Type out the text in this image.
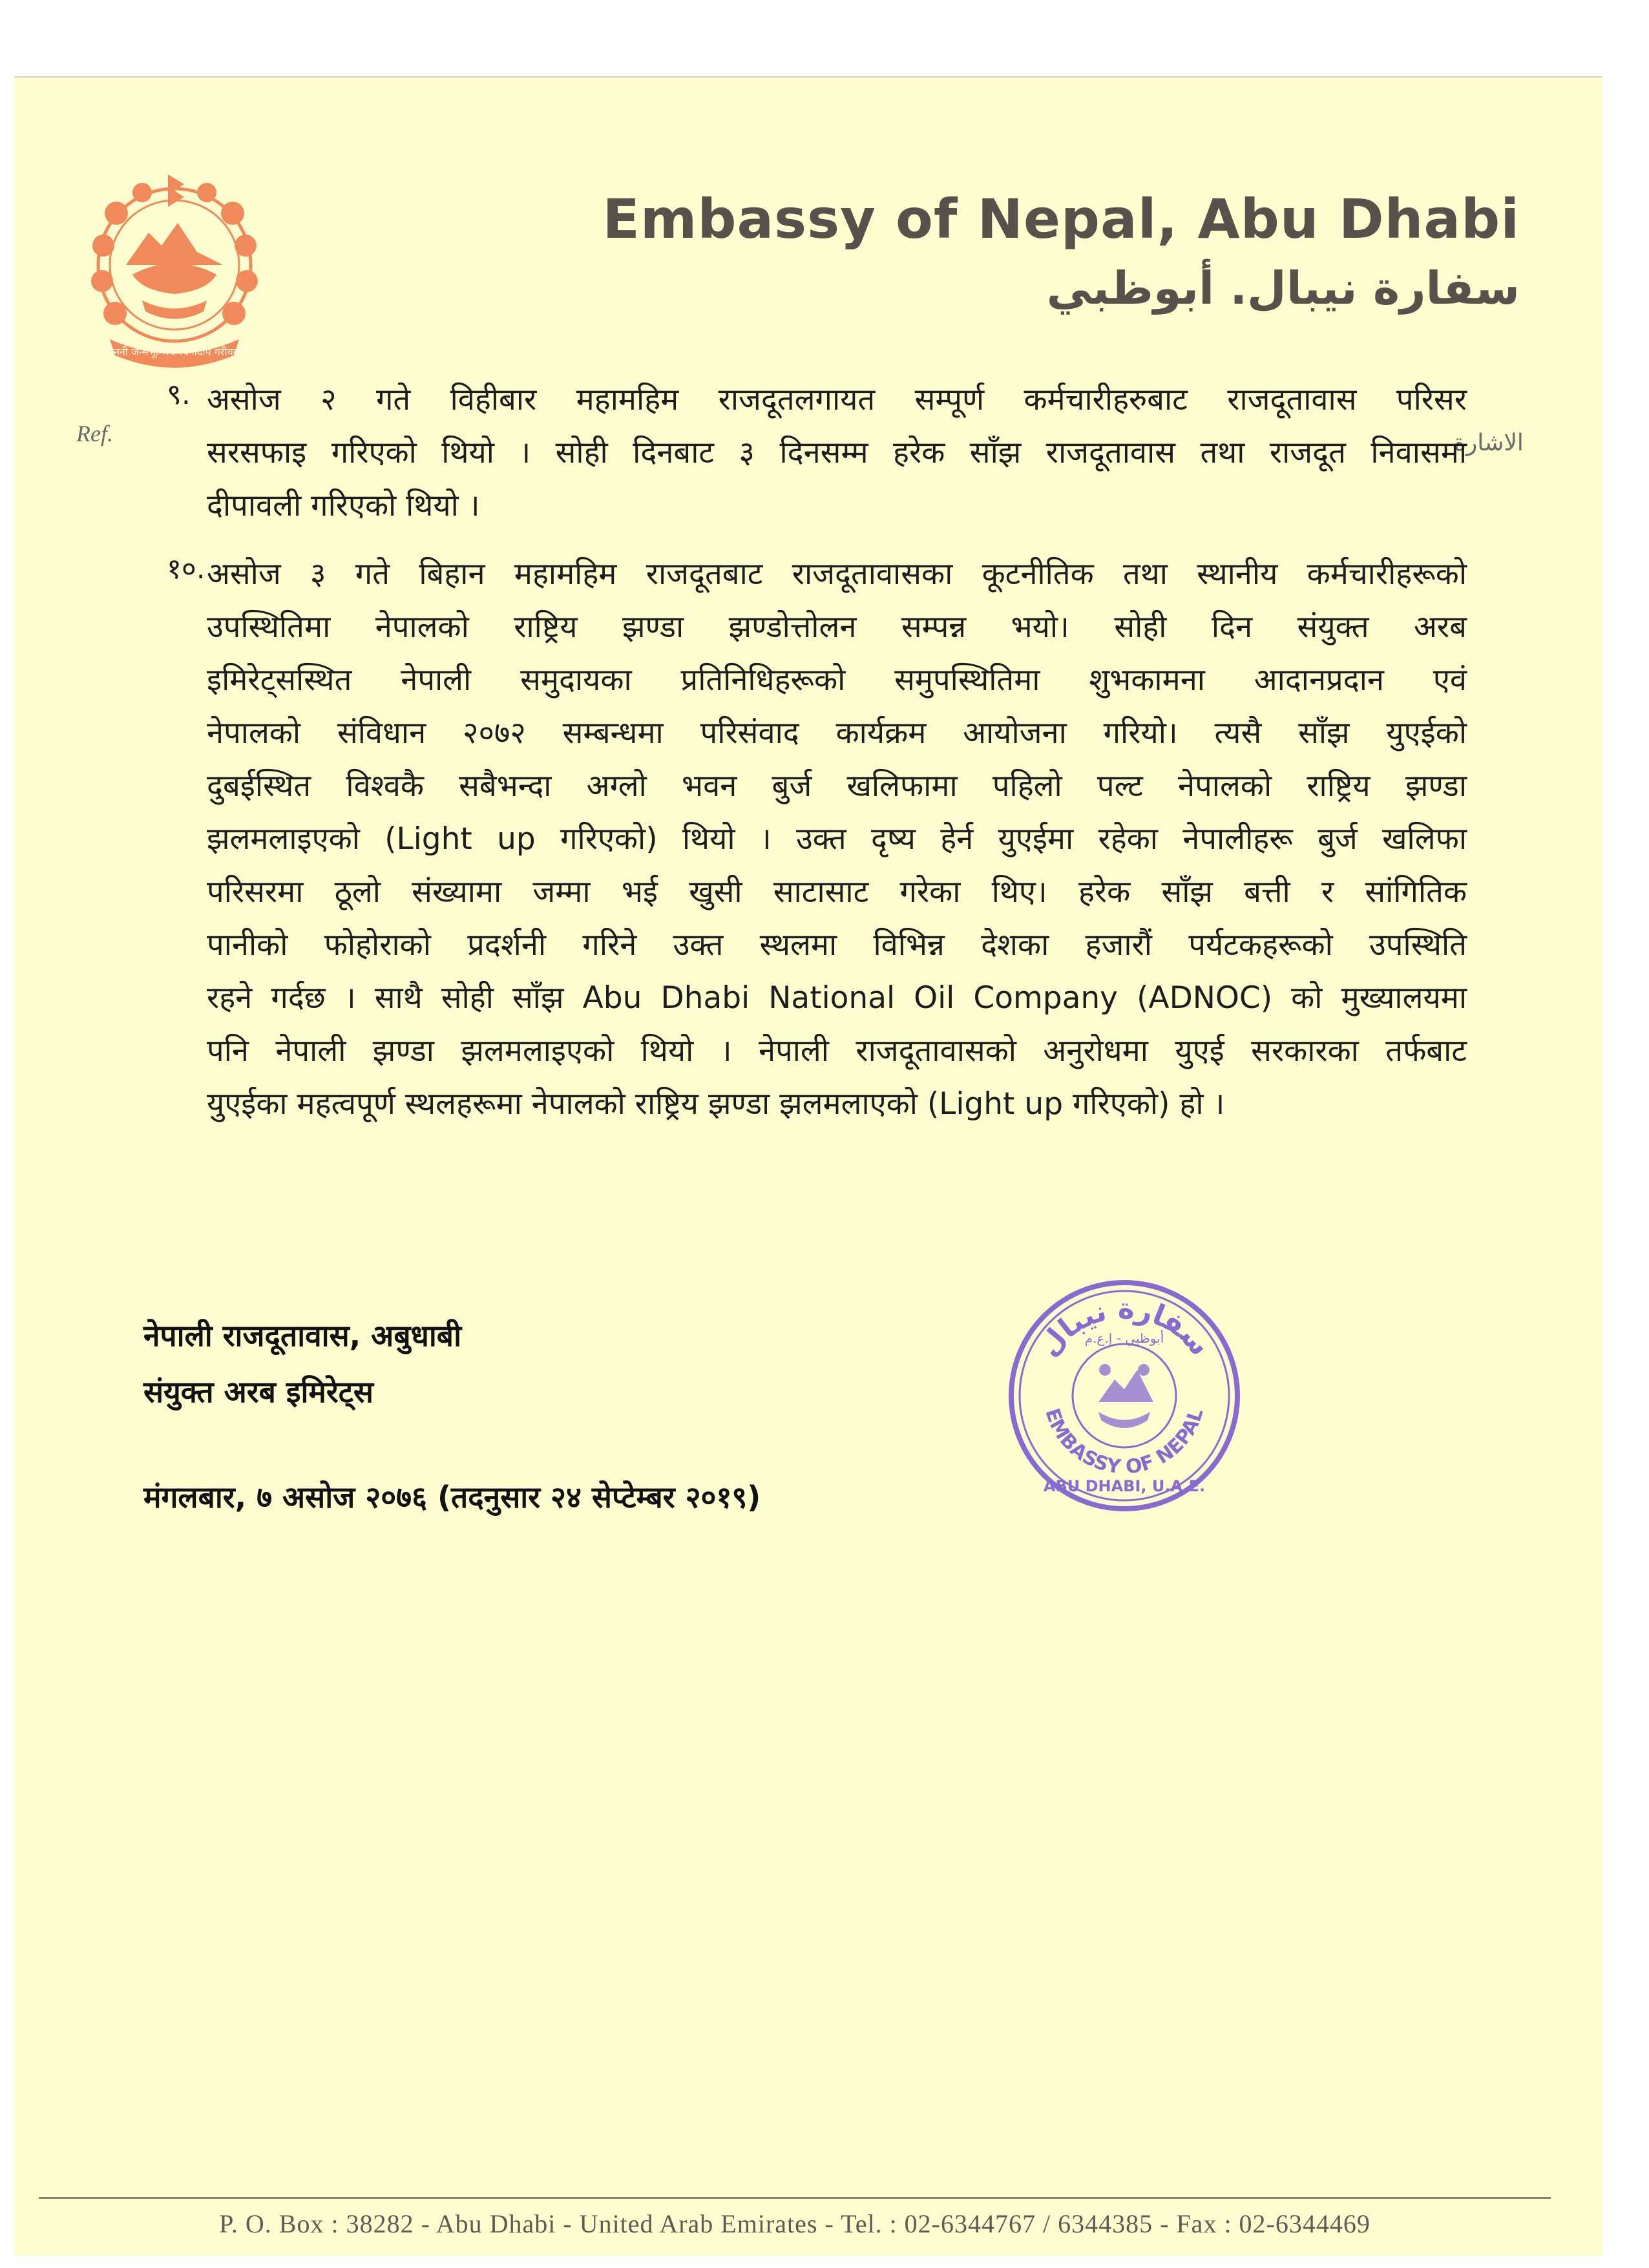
जननी जन्मभूमिश्च स्वर्गादपि गरीयसी
Embassy of Nepal, Abu Dhabi
سفارة نيبال. أبوظبي
Ref.	الاشارة
९. असोज २ गते विहीबार महामहिम राजदूतलगायत सम्पूर्ण कर्मचारीहरुबाट राजदूतावास परिसर
सरसफाइ गरिएको थियो । सोही दिनबाट ३ दिनसम्म हरेक साँझ राजदूतावास तथा राजदूत निवासमा
दीपावली गरिएको थियो ।
१०. असोज ३ गते बिहान महामहिम राजदूतबाट राजदूतावासका कूटनीतिक तथा स्थानीय कर्मचारीहरूको
उपस्थितिमा नेपालको राष्ट्रिय झण्डा झण्डोत्तोलन सम्पन्न भयो। सोही दिन संयुक्त अरब
इमिरेट्सस्थित नेपाली समुदायका प्रतिनिधिहरूको समुपस्थितिमा शुभकामना आदानप्रदान एवं
नेपालको संविधान २०७२ सम्बन्धमा परिसंवाद कार्यक्रम आयोजना गरियो। त्यसै साँझ युएईको
दुबईस्थित विश्वकै सबैभन्दा अग्लो भवन बुर्ज खलिफामा पहिलो पल्ट नेपालको राष्ट्रिय झण्डा
झलमलाइएको (Light up गरिएको) थियो । उक्त दृष्य हेर्न युएईमा रहेका नेपालीहरू बुर्ज खलिफा
परिसरमा ठूलो संख्यामा जम्मा भई खुसी साटासाट गरेका थिए। हरेक साँझ बत्ती र सांगितिक
पानीको फोहोराको प्रदर्शनी गरिने उक्त स्थलमा विभिन्न देशका हजारौं पर्यटकहरूको उपस्थिति
रहने गर्दछ । साथै सोही साँझ Abu Dhabi National Oil Company (ADNOC) को मुख्यालयमा
पनि नेपाली झण्डा झलमलाइएको थियो । नेपाली राजदूतावासको अनुरोधमा युएई सरकारका तर्फबाट
युएईका महत्वपूर्ण स्थलहरूमा नेपालको राष्ट्रिय झण्डा झलमलाएको (Light up गरिएको) हो ।
नेपाली राजदूतावास, अबुधाबी
संयुक्त अरब इमिरेट्स
मंगलबार, ७ असोज २०७६ (तदनुसार २४ सेप्टेम्बर २०१९)
سفارة نيبال
أبوظبي - إ.ع.م
EMBASSY OF NEPAL
ABU DHABI, U.A.E.
P. O. Box : 38282 - Abu Dhabi - United Arab Emirates - Tel. : 02-6344767 / 6344385 - Fax : 02-6344469
